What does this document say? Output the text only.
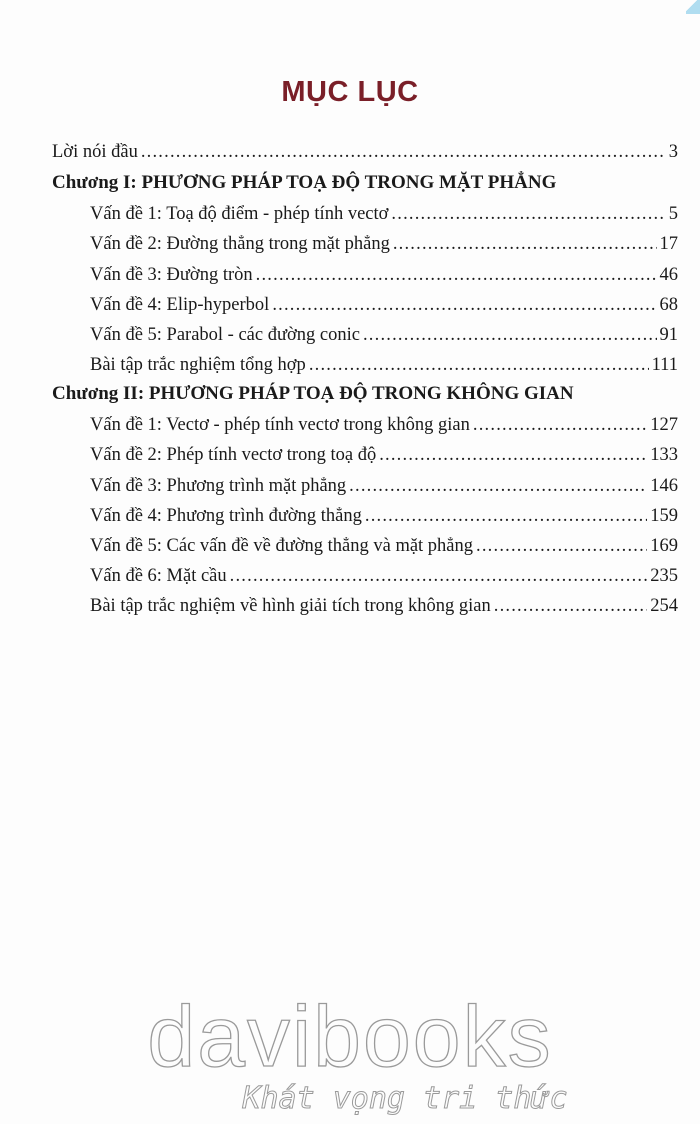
MỤC LỤC
Lời nói đầu .....	3
Chương I: PHƯƠNG PHÁP TOẠ ĐỘ TRONG MẶT PHẲNG
Vấn đề 1: Toạ độ điểm - phép tính vectơ .....	5
Vấn đề 2: Đường thẳng trong mặt phẳng .....	17
Vấn đề 3: Đường tròn .....	46
Vấn đề 4: Elip-hyperbol .....	68
Vấn đề 5: Parabol - các đường conic .....	91
Bài tập trắc nghiệm tổng hợp .....	111
Chương II: PHƯƠNG PHÁP TOẠ ĐỘ TRONG KHÔNG GIAN
Vấn đề 1: Vectơ - phép tính vectơ trong không gian .....	127
Vấn đề 2: Phép tính vectơ trong toạ độ .....	133
Vấn đề 3: Phương trình mặt phẳng .....	146
Vấn đề 4: Phương trình đường thẳng .....	159
Vấn đề 5: Các vấn đề về đường thẳng và mặt phẳng .....	169
Vấn đề 6: Mặt cầu .....	235
Bài tập trắc nghiệm về hình giải tích trong không gian .....	254
davibooks
Khát vọng tri thức
